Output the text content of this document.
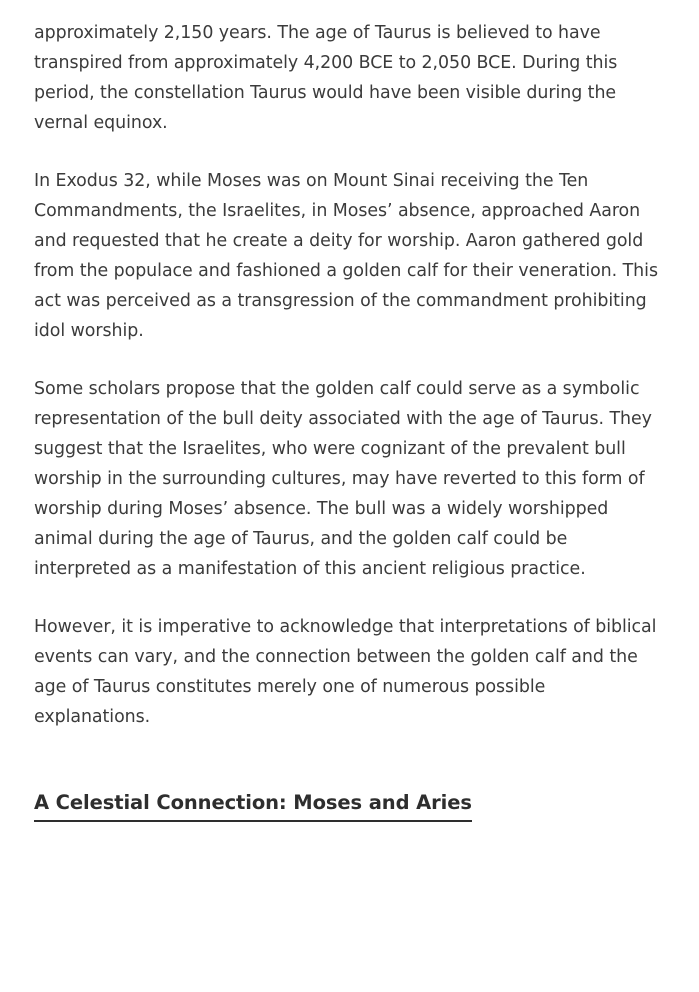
approximately 2,150 years. The age of Taurus is believed to have transpired from approximately 4,200 BCE to 2,050 BCE. During this period, the constellation Taurus would have been visible during the vernal equinox.

In Exodus 32, while Moses was on Mount Sinai receiving the Ten Commandments, the Israelites, in Moses’ absence, approached Aaron and requested that he create a deity for worship. Aaron gathered gold from the populace and fashioned a golden calf for their veneration. This act was perceived as a transgression of the commandment prohibiting idol worship.

Some scholars propose that the golden calf could serve as a symbolic representation of the bull deity associated with the age of Taurus. They suggest that the Israelites, who were cognizant of the prevalent bull worship in the surrounding cultures, may have reverted to this form of worship during Moses’ absence. The bull was a widely worshipped animal during the age of Taurus, and the golden calf could be interpreted as a manifestation of this ancient religious practice.

However, it is imperative to acknowledge that interpretations of biblical events can vary, and the connection between the golden calf and the age of Taurus constitutes merely one of numerous possible explanations.

A Celestial Connection: Moses and Aries
